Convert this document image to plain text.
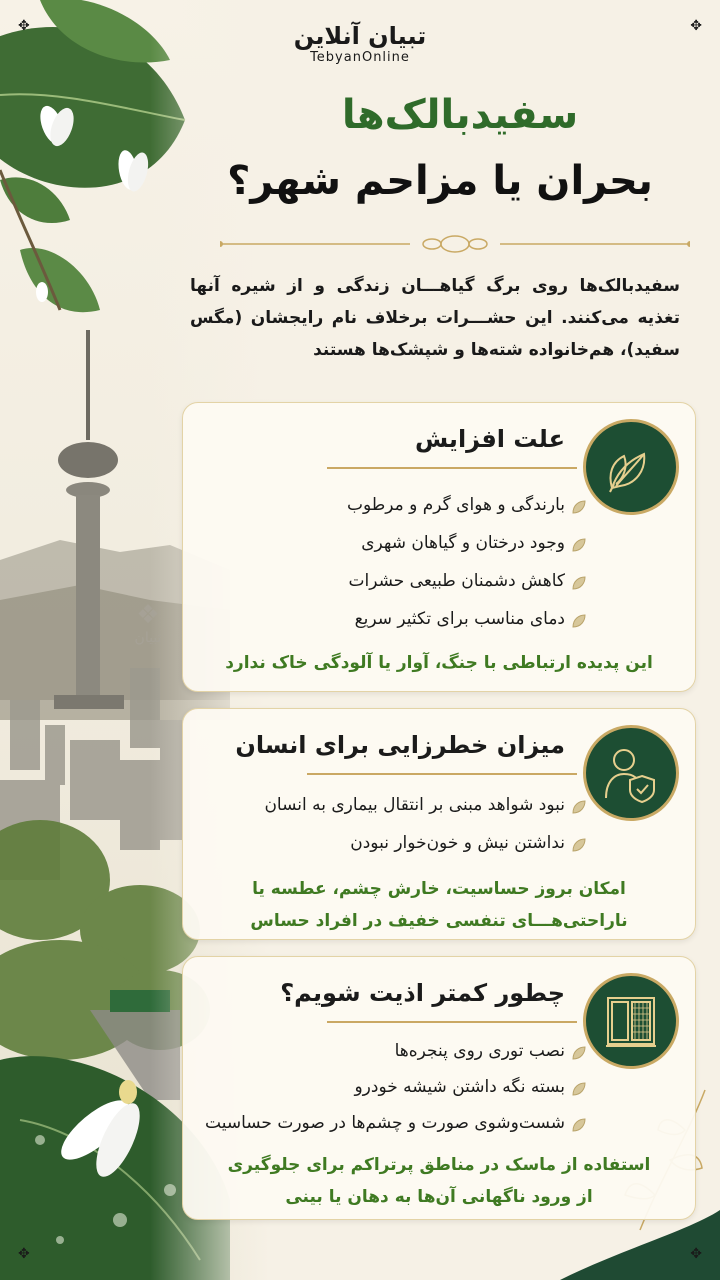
✥
✥
✥
✥
تبیان آنلاین
TebyanOnline
❖
تبیان
سفیدبالک‌ها
بحران یا مزاحم شهر؟
سفیدبالک‌ها روی برگ گیاهـــان زندگی و از شیره آنها تغذیه می‌کنند. این حشـــرات برخلاف نام رایجشان (مگس سفید)، هم‌خانواده شته‌ها و شپشک‌ها هستند
علت افزایش
بارندگی و هوای گرم و مرطوب
وجود درختان و گیاهان شهری
کاهش دشمنان طبیعی حشرات
دمای مناسب برای تکثیر سریع
این پدیده ارتباطی با جنگ، آوار یا آلودگی خاک ندارد
میزان خطرزایی برای انسان
نبود شواهد مبنی بر انتقال بیماری به انسان
نداشتن نیش و خون‌خوار نبودن
امکان بروز حساسیت، خارش چشم، عطسه یا
ناراحتی‌هـــای تنفسی خفیف در افراد حساس
چطور کمتر اذیت شویم؟
نصب توری روی پنجره‌ها
بسته نگه داشتن شیشه خودرو
شست‌وشوی صورت و چشم‌ها در صورت حساسیت
استفاده از ماسک در مناطق پرتراکم برای جلوگیری
از ورود ناگهانی آن‌ها به دهان یا بینی
